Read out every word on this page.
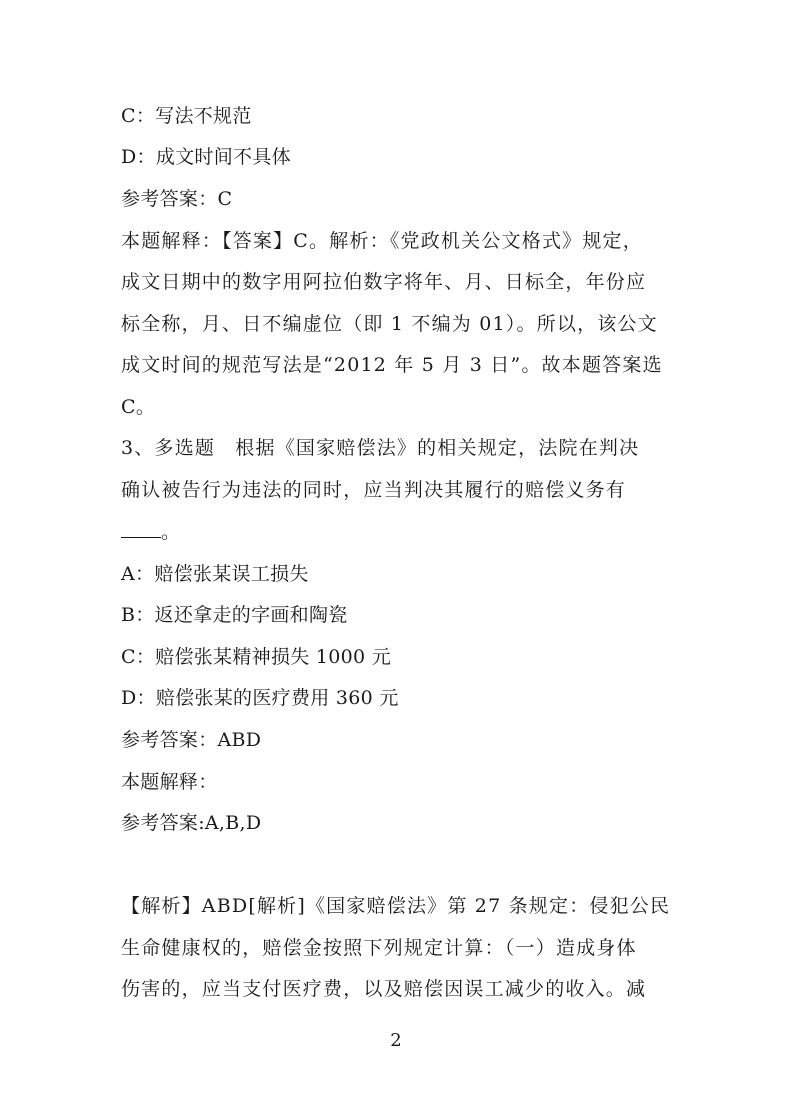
C：写法不规范
D：成文时间不具体
参考答案：C
本题解释：【答案】C。解析：《党政机关公文格式》规定，
成文日期中的数字用阿拉伯数字将年、月、日标全，年份应
标全称，月、日不编虚位（即 1 不编为 01）。所以，该公文
成文时间的规范写法是“2012 年 5 月 3 日”。故本题答案选
C。
3、多选题　根据《国家赔偿法》的相关规定，法院在判决
确认被告行为违法的同时，应当判决其履行的赔偿义务有
。
A：赔偿张某误工损失
B：返还拿走的字画和陶瓷
C：赔偿张某精神损失 1000 元
D：赔偿张某的医疗费用 360 元
参考答案：ABD
本题解释：
参考答案:A,B,D
【解析】ABD[解析]《国家赔偿法》第 27 条规定：侵犯公民
生命健康权的，赔偿金按照下列规定计算：（一）造成身体
伤害的，应当支付医疗费，以及赔偿因误工减少的收入。减
2
